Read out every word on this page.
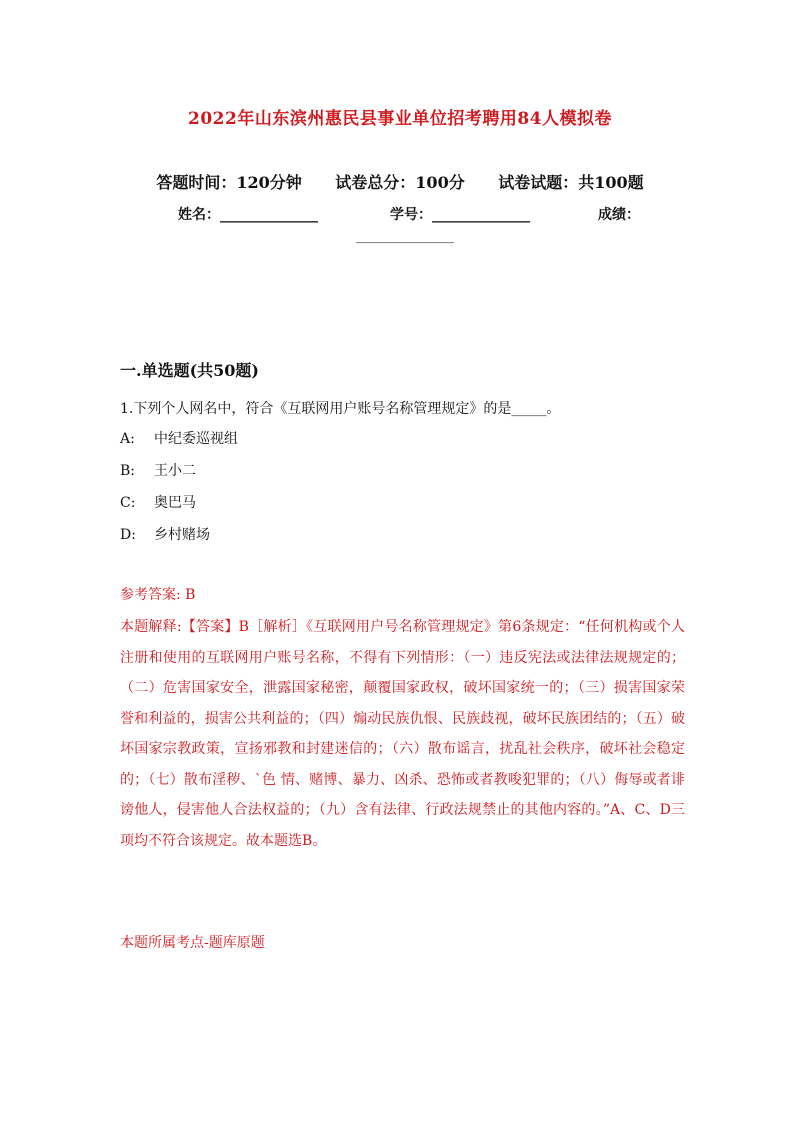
2022年山东滨州惠民县事业单位招考聘用84人模拟卷
答题时间：120分钟 试卷总分：100分 试卷试题：共100题
姓名：______________	学号：______________	成绩：
______________
一.单选题(共50题)
1.下列个人网名中，符合《互联网用户账号名称管理规定》的是_____。
A: 中纪委巡视组
B: 王小二
C: 奥巴马
D: 乡村赌场
参考答案: B

本题解释:【答案】B［解析］《互联网用户号名称管理规定》第6条规定：“任何机构或个人注册和使用的互联网用户账号名称，不得有下列情形：（一）违反宪法或法律法规规定的；（二）危害国家安全，泄露国家秘密，颠覆国家政权，破坏国家统一的；（三）损害国家荣誉和利益的，损害公共利益的；（四）煽动民族仇恨、民族歧视，破坏民族团结的；（五）破坏国家宗教政策，宣扬邪教和封建迷信的；（六）散布谣言，扰乱社会秩序，破坏社会稳定的；（七）散布淫秽、`色 情、赌博、暴力、凶杀、恐怖或者教唆犯罪的；（八）侮辱或者诽谤他人，侵害他人合法权益的；（九）含有法律、行政法规禁止的其他内容的。”A、C、D三项均不符合该规定。故本题选B。

本题所属考点-题库原题
